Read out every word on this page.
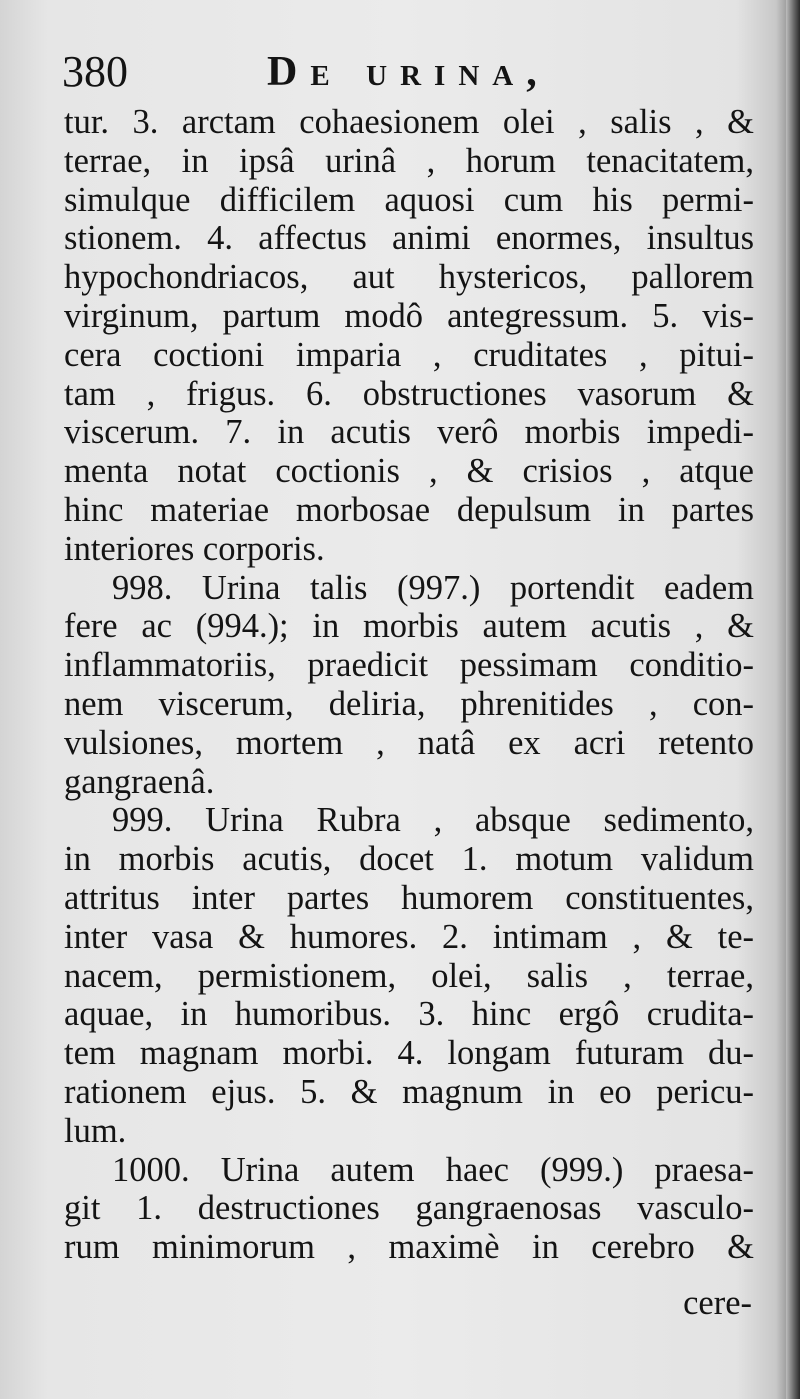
380	De urina,
tur. 3. arctam cohaesionem olei , salis , &
terrae, in ipsâ urinâ , horum tenacitatem,
simulque difficilem aquosi cum his permi-
stionem. 4. affectus animi enormes, insultus
hypochondriacos, aut hystericos, pallorem
virginum, partum modô antegressum. 5. vis-
cera coctioni imparia , cruditates , pitui-
tam , frigus. 6. obstructiones vasorum &
viscerum. 7. in acutis verô morbis impedi-
menta notat coctionis , & crisios , atque
hinc materiae morbosae depulsum in partes
interiores corporis.
998. Urina talis (997.) portendit eadem
fere ac (994.); in morbis autem acutis , &
inflammatoriis, praedicit pessimam conditio-
nem viscerum, deliria, phrenitides , con-
vulsiones, mortem , natâ ex acri retento
gangraenâ.
999. Urina Rubra , absque sedimento,
in morbis acutis, docet 1. motum validum
attritus inter partes humorem constituentes,
inter vasa & humores. 2. intimam , & te-
nacem, permistionem, olei, salis , terrae,
aquae, in humoribus. 3. hinc ergô crudita-
tem magnam morbi. 4. longam futuram du-
rationem ejus. 5. & magnum in eo pericu-
lum.
1000. Urina autem haec (999.) praesa-
git 1. destructiones gangraenosas vasculo-
rum minimorum , maximè in cerebro &
cere-
